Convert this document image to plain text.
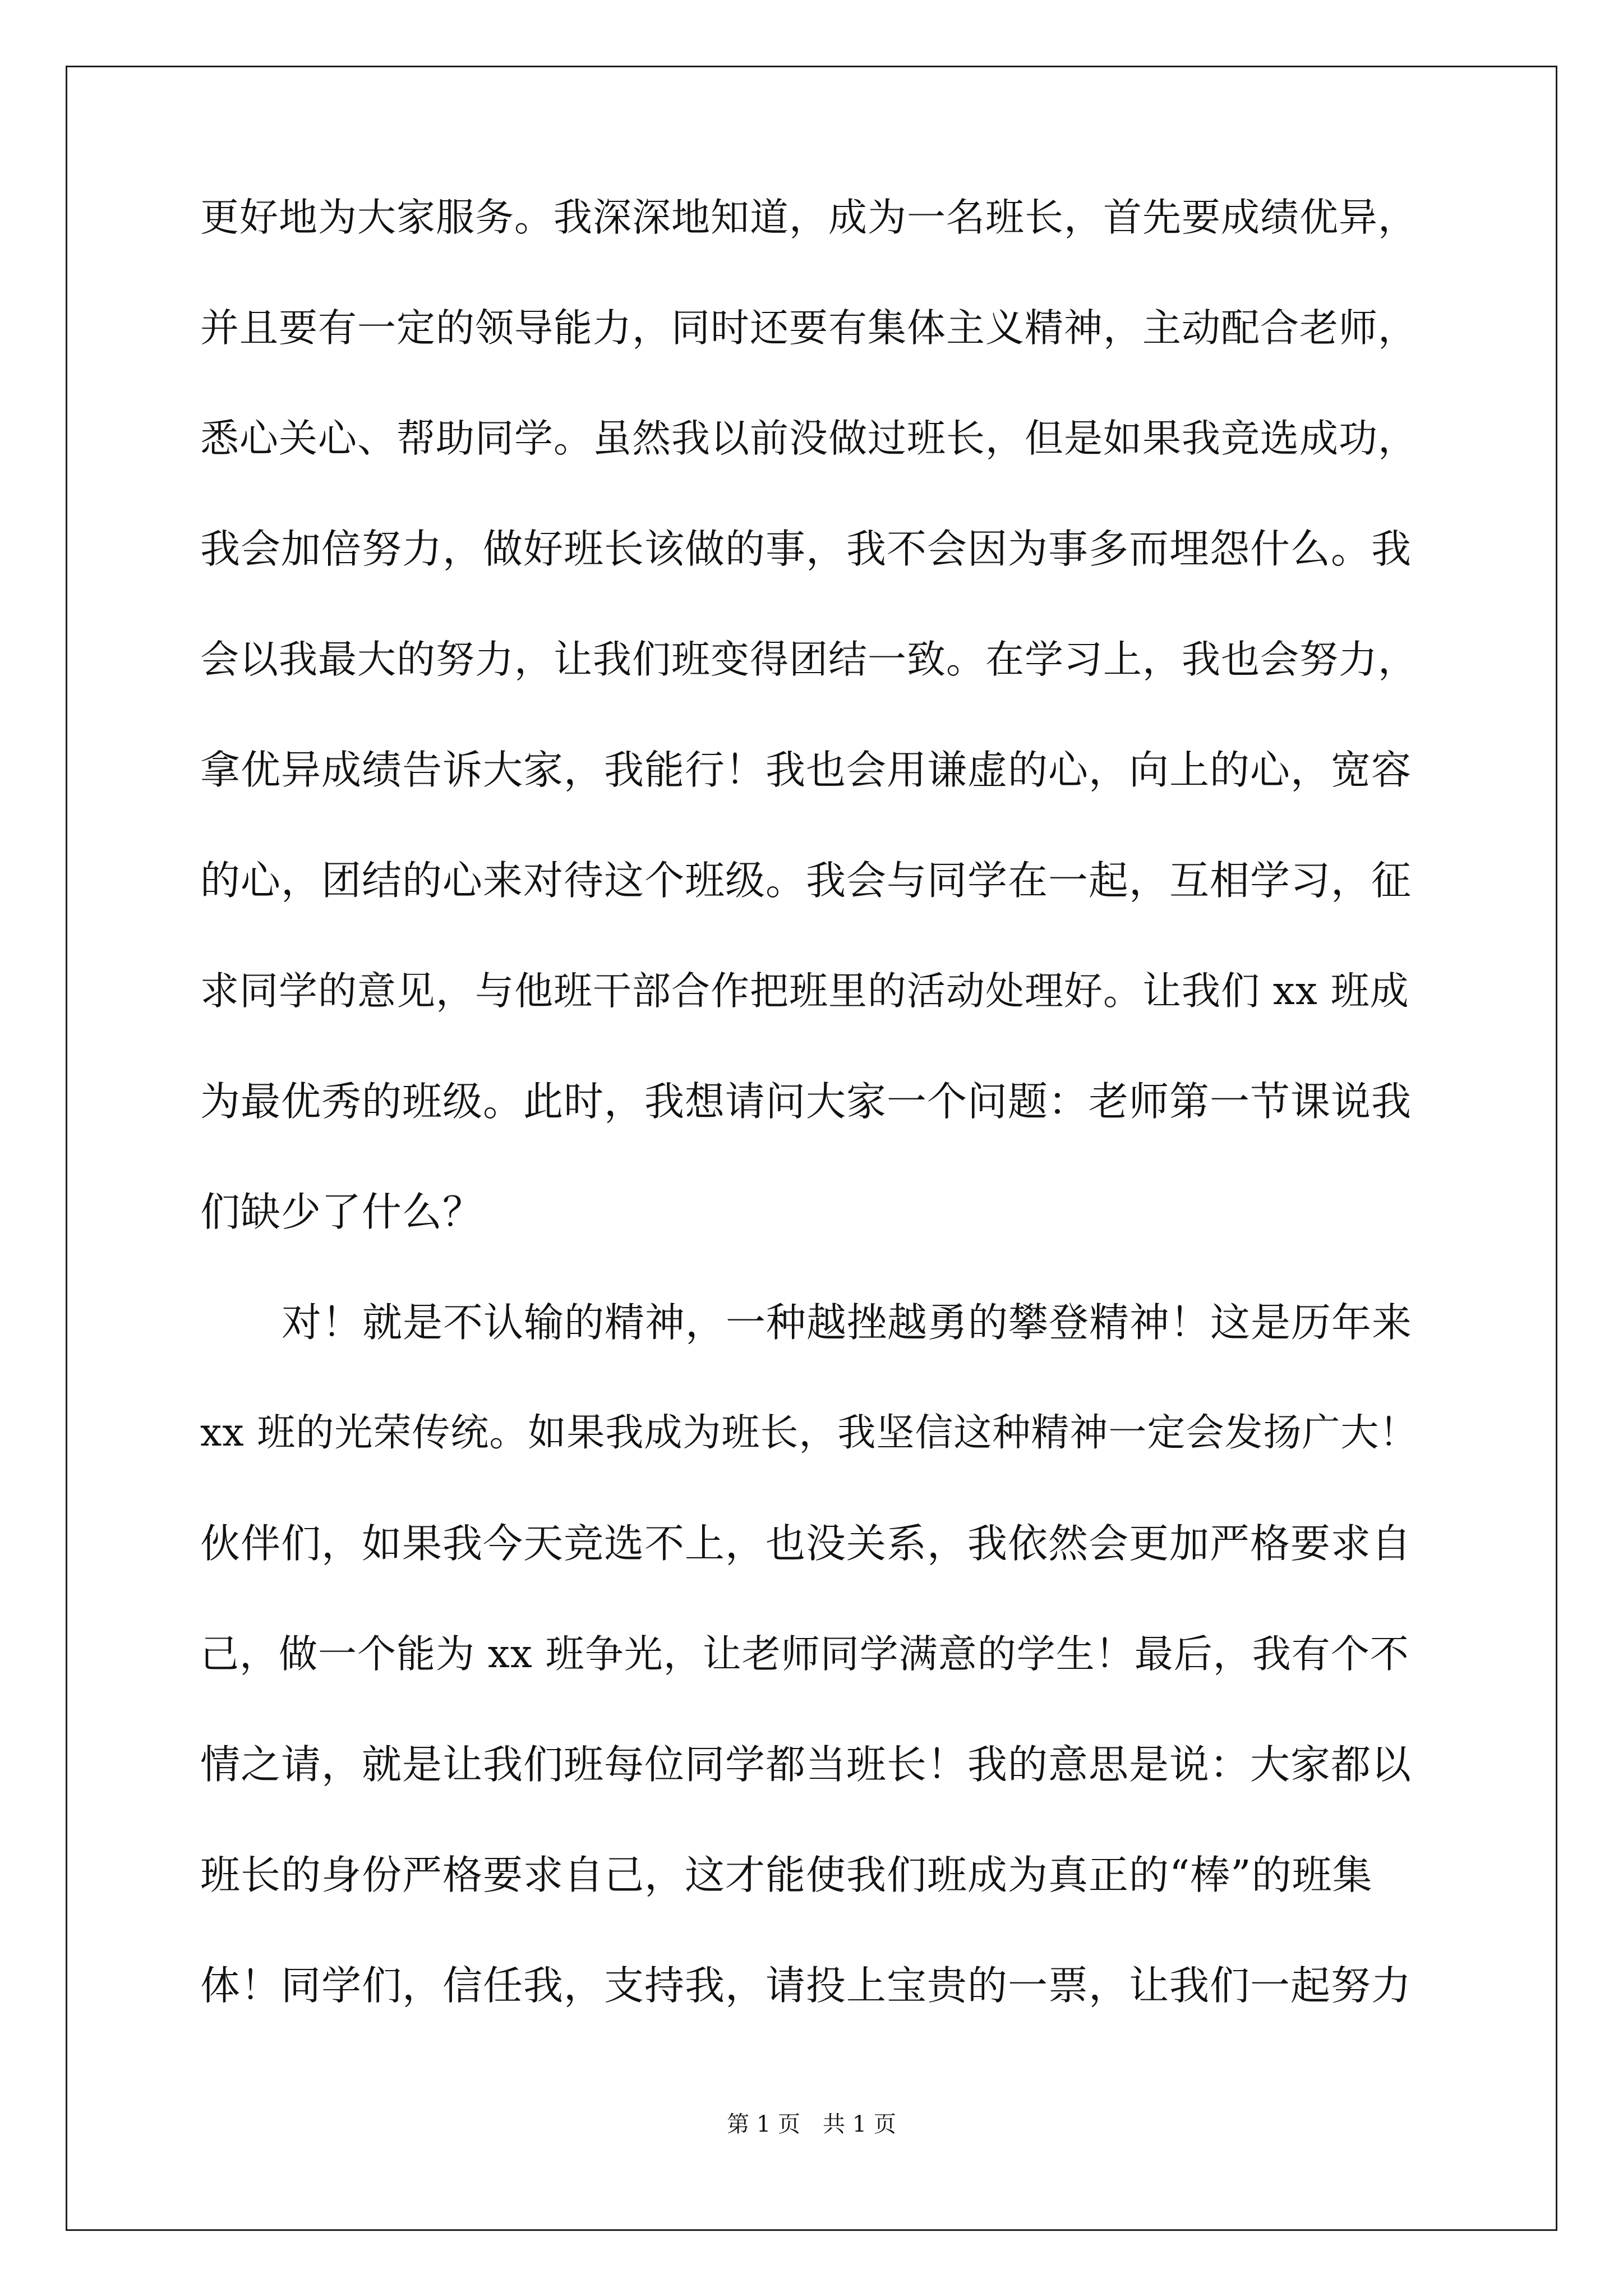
更好地为大家服务。我深深地知道，成为一名班长，首先要成绩优异，
并且要有一定的领导能力，同时还要有集体主义精神，主动配合老师，
悉心关心、帮助同学。虽然我以前没做过班长，但是如果我竞选成功，
我会加倍努力，做好班长该做的事，我不会因为事多而埋怨什么。我
会以我最大的努力，让我们班变得团结一致。在学习上，我也会努力，
拿优异成绩告诉大家，我能行！我也会用谦虚的心，向上的心，宽容
的心，团结的心来对待这个班级。我会与同学在一起，互相学习，征
求同学的意见，与他班干部合作把班里的活动处理好。让我们 xx 班成
为最优秀的班级。此时，我想请问大家一个问题：老师第一节课说我
们缺少了什么？
对！就是不认输的精神，一种越挫越勇的攀登精神！这是历年来
xx 班的光荣传统。如果我成为班长，我坚信这种精神一定会发扬广大！
伙伴们，如果我今天竞选不上，也没关系，我依然会更加严格要求自
己，做一个能为 xx 班争光，让老师同学满意的学生！最后，我有个不
情之请，就是让我们班每位同学都当班长！我的意思是说：大家都以
班长的身份严格要求自己，这才能使我们班成为真正的“棒”的班集
体！同学们，信任我，支持我，请投上宝贵的一票，让我们一起努力
第 1 页　共 1 页
